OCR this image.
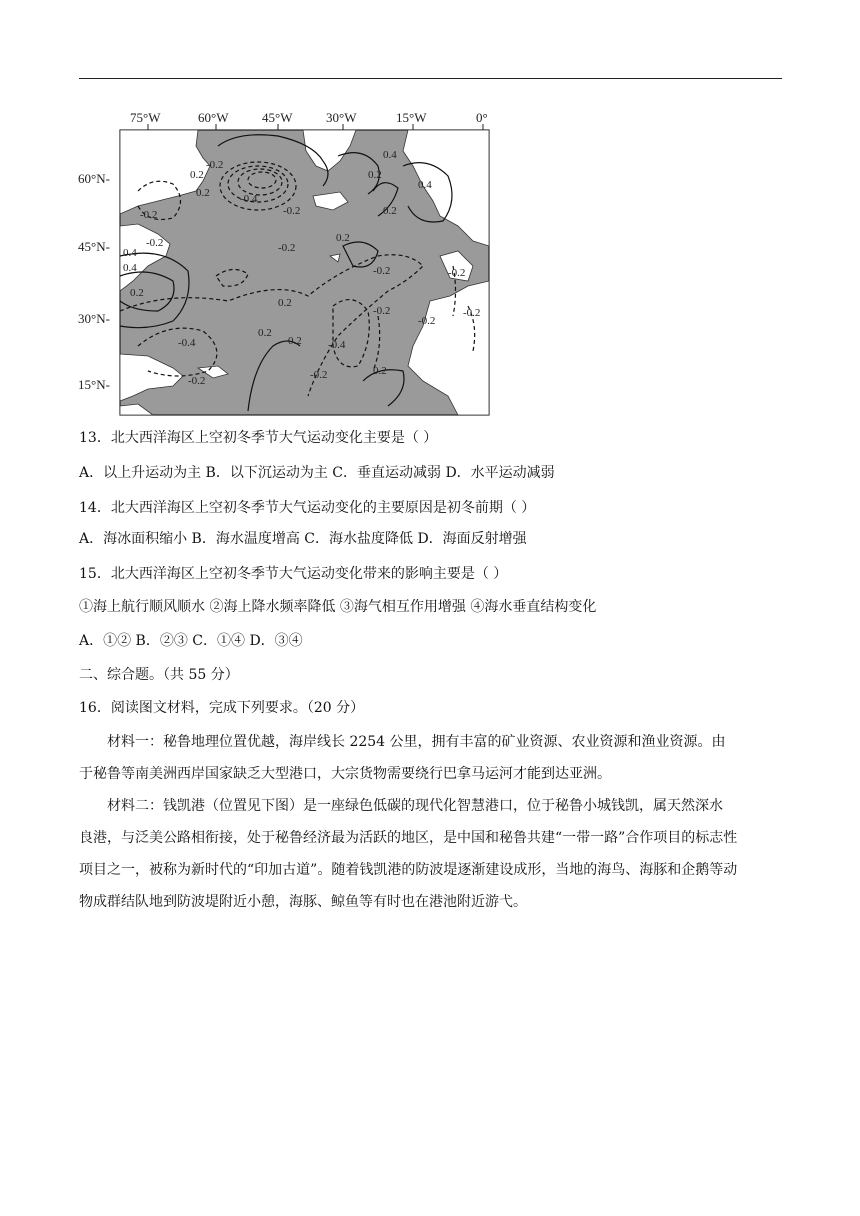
75°W	60°W	45°W	30°W	15°W	0°
60°N-
45°N-
30°N-
15°N-
0.2
-0.2
0.4
-0.4
-0.2
0.2
0.4
0.2
-0.2
-0.2
0.2
0.4
-0.2
-0.2	-0.2
0.2
-0.4
-0.2	-0.2
0.2 -0.4
-0.2
0.2
-0.2
0.2
-0.2
0.2
0.2
0.4
13．北大西洋海区上空初冬季节大气运动变化主要是（ ）
A．以上升运动为主 B．以下沉运动为主 C．垂直运动减弱 D．水平运动减弱
14．北大西洋海区上空初冬季节大气运动变化的主要原因是初冬前期（ ）
A．海冰面积缩小 B．海水温度增高 C．海水盐度降低 D．海面反射增强
15．北大西洋海区上空初冬季节大气运动变化带来的影响主要是（ ）
①海上航行顺风顺水 ②海上降水频率降低 ③海气相互作用增强 ④海水垂直结构变化
A．①② B．②③ C．①④ D．③④
二、综合题。（共 55 分）
16．阅读图文材料，完成下列要求。（20 分）
材料一：秘鲁地理位置优越，海岸线长 2254 公里，拥有丰富的矿业资源、农业资源和渔业资源。由
于秘鲁等南美洲西岸国家缺乏大型港口，大宗货物需要绕行巴拿马运河才能到达亚洲。
材料二：钱凯港（位置见下图）是一座绿色低碳的现代化智慧港口，位于秘鲁小城钱凯，属天然深水
良港，与泛美公路相衔接，处于秘鲁经济最为活跃的地区，是中国和秘鲁共建“一带一路”合作项目的标志性
项目之一，被称为新时代的“印加古道”。随着钱凯港的防波堤逐渐建设成形，当地的海鸟、海豚和企鹅等动
物成群结队地到防波堤附近小憩，海豚、鲸鱼等有时也在港池附近游弋。
